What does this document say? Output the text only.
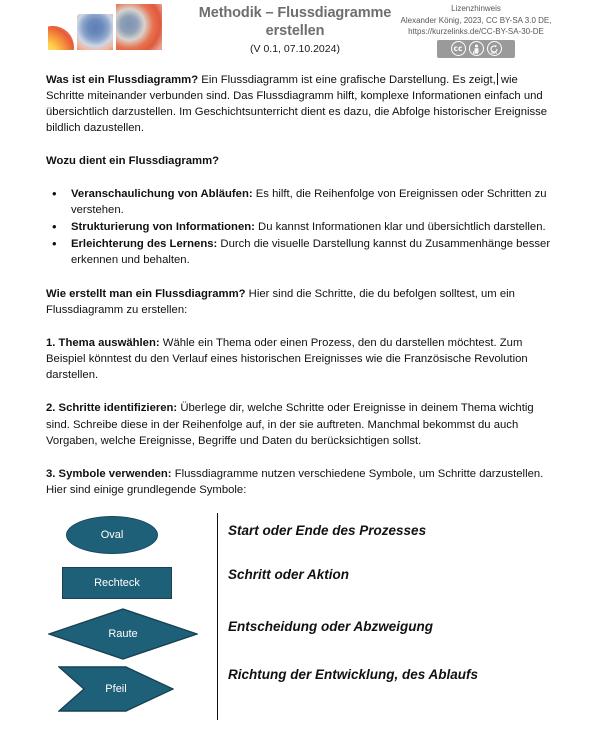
Methodik – Flussdiagramme
erstellen
(V 0.1, 07.10.2024)
Lizenzhinweis
Alexander König, 2023, CC BY-SA 3.0 DE,
https://kurzelinks.de/CC-BY-SA-30-DE
cc	BY	SA

Was ist ein Flussdiagramm? Ein Flussdiagramm ist eine grafische Darstellung. Es zeigt, wie Schritte miteinander verbunden sind. Das Flussdiagramm hilft, komplexe Informationen einfach und übersichtlich darzustellen. Im Geschichtsunterricht dient es dazu, die Abfolge historischer Ereignisse bildlich dazustellen.

Wozu dient ein Flussdiagramm?

• Veranschaulichung von Abläufen: Es hilft, die Reihenfolge von Ereignissen oder Schritten zu verstehen.
• Strukturierung von Informationen: Du kannst Informationen klar und übersichtlich darstellen.
• Erleichterung des Lernens: Durch die visuelle Darstellung kannst du Zusammenhänge besser erkennen und behalten.

Wie erstellt man ein Flussdiagramm? Hier sind die Schritte, die du befolgen solltest, um ein Flussdiagramm zu erstellen:

1. Thema auswählen: Wähle ein Thema oder einen Prozess, den du darstellen möchtest. Zum Beispiel könntest du den Verlauf eines historischen Ereignisses wie die Französische Revolution darstellen.

2. Schritte identifizieren: Überlege dir, welche Schritte oder Ereignisse in deinem Thema wichtig sind. Schreibe diese in der Reihenfolge auf, in der sie auftreten. Manchmal bekommst du auch Vorgaben, welche Ereignisse, Begriffe und Daten du berücksichtigen sollst.

3. Symbole verwenden: Flussdiagramme nutzen verschiedene Symbole, um Schritte darzustellen. Hier sind einige grundlegende Symbole:

Oval
Rechteck
Raute
Pfeil
Start oder Ende des Prozesses
Schritt oder Aktion
Entscheidung oder Abzweigung
Richtung der Entwicklung, des Ablaufs
